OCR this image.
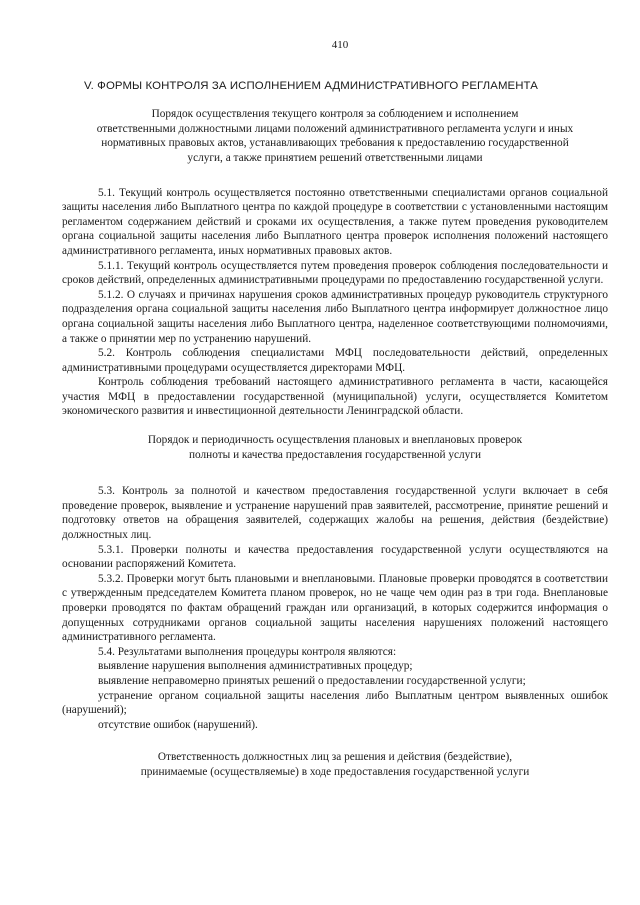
410
V. ФОРМЫ КОНТРОЛЯ ЗА ИСПОЛНЕНИЕМ АДМИНИСТРАТИВНОГО РЕГЛАМЕНТА
Порядок осуществления текущего контроля за соблюдением и исполнением
ответственными должностными лицами положений административного регламента услуги и иных
нормативных правовых актов, устанавливающих требования к предоставлению государственной
услуги, а также принятием решений ответственными лицами

5.1. Текущий контроль осуществляется постоянно ответственными специалистами органов социальной защиты населения либо Выплатного центра по каждой процедуре в соответствии с установленными настоящим регламентом содержанием действий и сроками их осуществления, а также путем проведения руководителем органа социальной защиты населения либо Выплатного центра проверок исполнения положений настоящего административного регламента, иных нормативных правовых актов.

5.1.1. Текущий контроль осуществляется путем проведения проверок соблюдения последовательности и сроков действий, определенных административными процедурами по предоставлению государственной услуги.

5.1.2. О случаях и причинах нарушения сроков административных процедур руководитель структурного подразделения органа социальной защиты населения либо Выплатного центра информирует должностное лицо органа социальной защиты населения либо Выплатного центра, наделенное соответствующими полномочиями, а также о принятии мер по устранению нарушений.

5.2. Контроль соблюдения специалистами МФЦ последовательности действий, определенных административными процедурами осуществляется директорами МФЦ.

Контроль соблюдения требований настоящего административного регламента в части, касающейся участия МФЦ в предоставлении государственной (муниципальной) услуги, осуществляется Комитетом экономического развития и инвестиционной деятельности Ленинградской области.

Порядок и периодичность осуществления плановых и внеплановых проверок
полноты и качества предоставления государственной услуги

5.3. Контроль за полнотой и качеством предоставления государственной услуги включает в себя проведение проверок, выявление и устранение нарушений прав заявителей, рассмотрение, принятие решений и подготовку ответов на обращения заявителей, содержащих жалобы на решения, действия (бездействие) должностных лиц.

5.3.1. Проверки полноты и качества предоставления государственной услуги осуществляются на основании распоряжений Комитета.

5.3.2. Проверки могут быть плановыми и внеплановыми. Плановые проверки проводятся в соответствии с утвержденным председателем Комитета планом проверок, но не чаще чем один раз в три года. Внеплановые проверки проводятся по фактам обращений граждан или организаций, в которых содержится информация о допущенных сотрудниками органов социальной защиты населения нарушениях положений настоящего административного регламента.

5.4. Результатами выполнения процедуры контроля являются:

выявление нарушения выполнения административных процедур;

выявление неправомерно принятых решений о предоставлении государственной услуги;

устранение органом социальной защиты населения либо Выплатным центром выявленных ошибок (нарушений);

отсутствие ошибок (нарушений).

Ответственность должностных лиц за решения и действия (бездействие),
принимаемые (осуществляемые) в ходе предоставления государственной услуги
